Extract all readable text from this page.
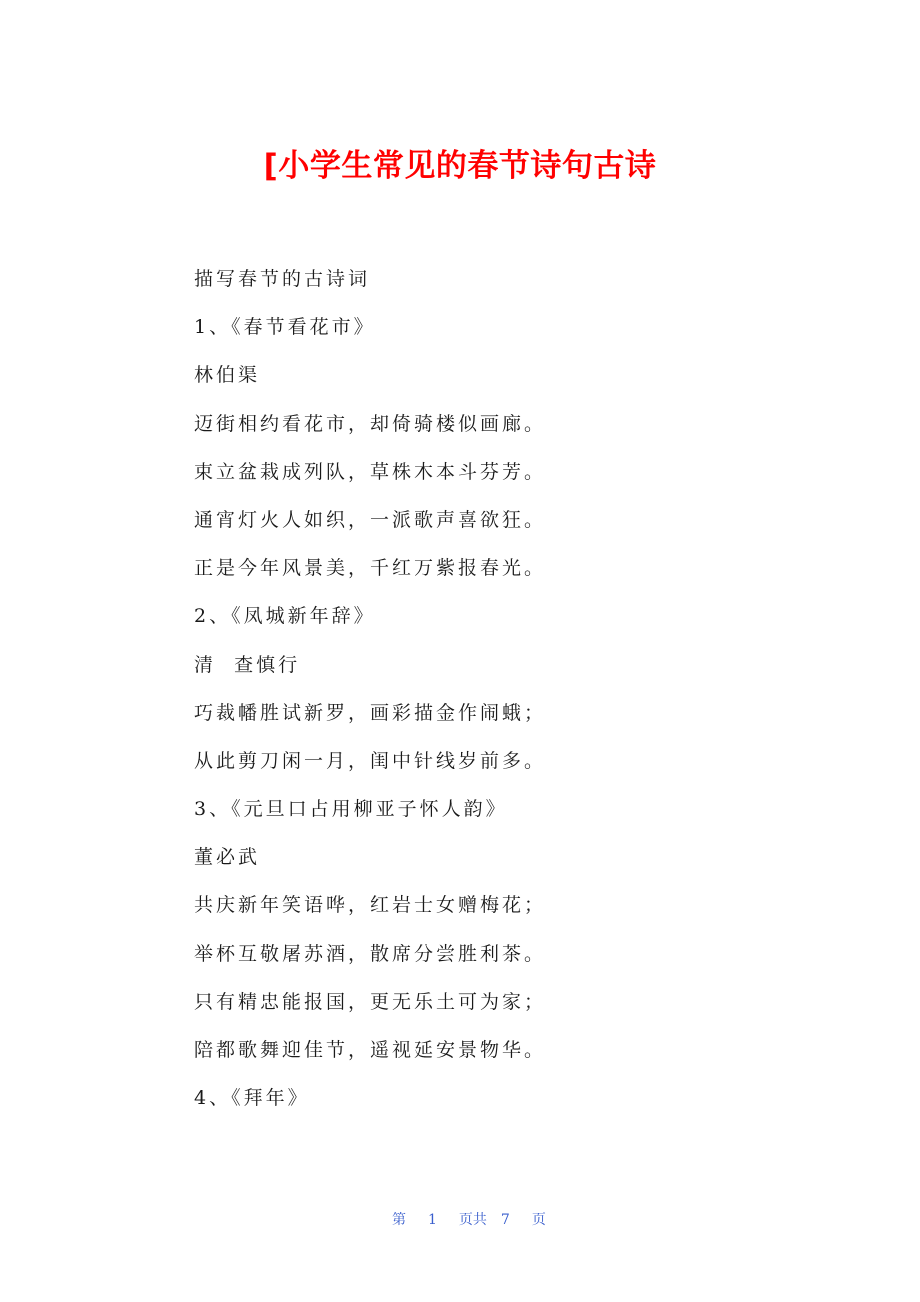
[小学生常见的春节诗句古诗
描写春节的古诗词
1、《春节看花市》
林伯渠
迈街相约看花市，却倚骑楼似画廊。
束立盆栽成列队，草株木本斗芬芳。
通宵灯火人如织，一派歌声喜欲狂。
正是今年风景美，千红万紫报春光。
2、《凤城新年辞》
清  查慎行
巧裁幡胜试新罗，画彩描金作闹蛾；
从此剪刀闲一月，闺中针线岁前多。
3、《元旦口占用柳亚子怀人韵》
董必武
共庆新年笑语哗，红岩士女赠梅花；
举杯互敬屠苏酒，散席分尝胜利茶。
只有精忠能报国，更无乐土可为家；
陪都歌舞迎佳节，遥视延安景物华。
4、《拜年》

第 1 页共 7 页
